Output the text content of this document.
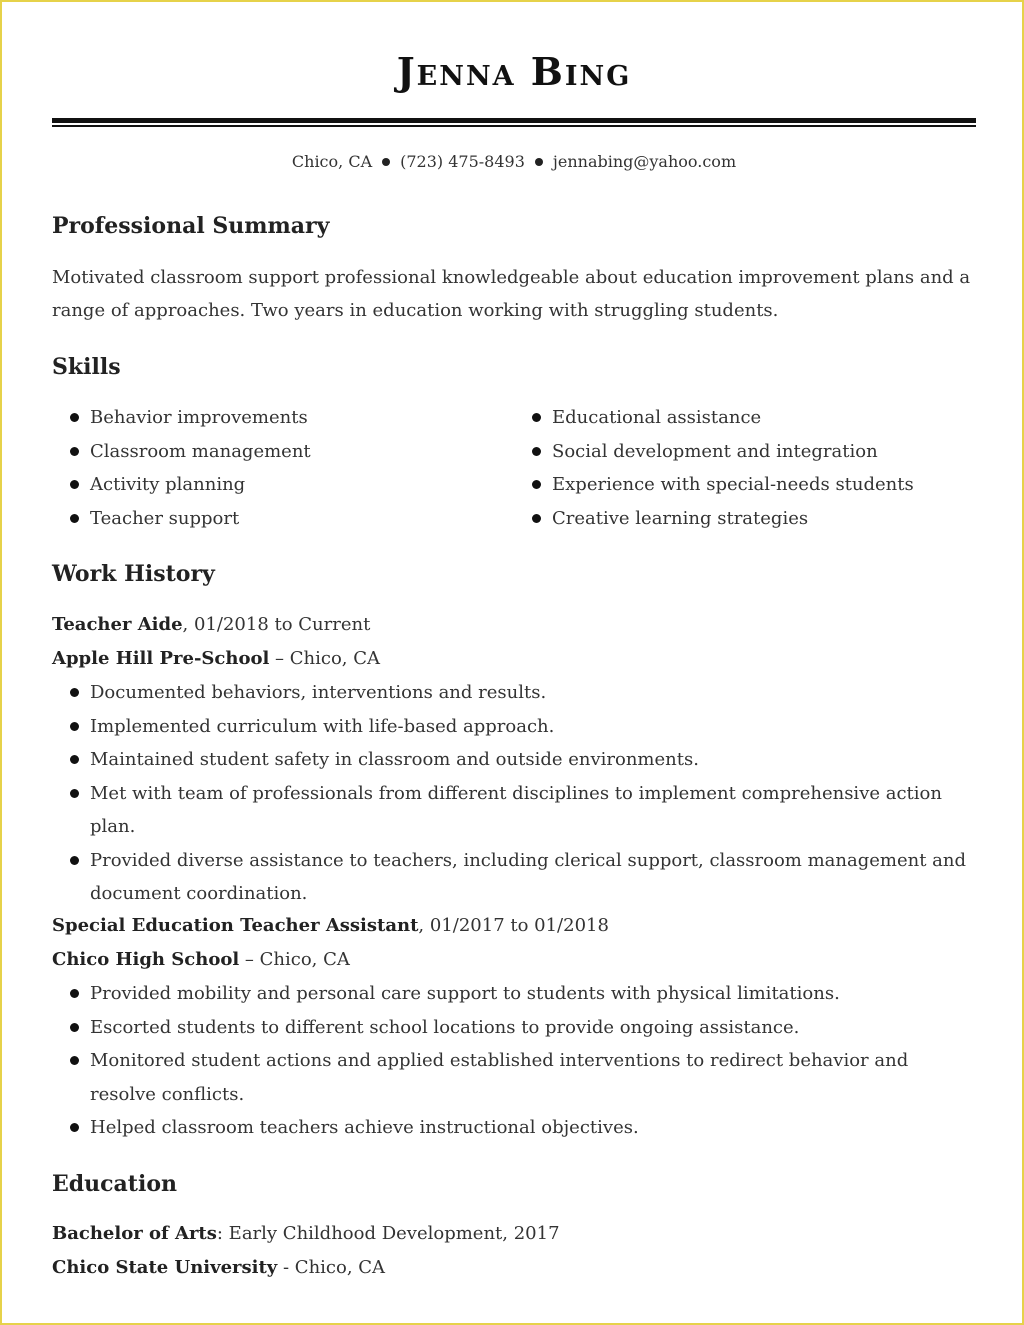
Jenna Bing
Chico, CA (723) 475-8493 jennabing@yahoo.com
Professional Summary
Motivated classroom support professional knowledgeable about education improvement plans and a range of approaches. Two years in education working with struggling students.
Skills
Behavior improvements
Classroom management
Activity planning
Teacher support
Educational assistance
Social development and integration
Experience with special-needs students
Creative learning strategies
Work History
Teacher Aide, 01/2018 to Current
Apple Hill Pre-School – Chico, CA
Documented behaviors, interventions and results.
Implemented curriculum with life-based approach.
Maintained student safety in classroom and outside environments.
Met with team of professionals from different disciplines to implement comprehensive action plan.
Provided diverse assistance to teachers, including clerical support, classroom management and document coordination.
Special Education Teacher Assistant, 01/2017 to 01/2018
Chico High School – Chico, CA
Provided mobility and personal care support to students with physical limitations.
Escorted students to different school locations to provide ongoing assistance.
Monitored student actions and applied established interventions to redirect behavior and resolve conflicts.
Helped classroom teachers achieve instructional objectives.
Education
Bachelor of Arts: Early Childhood Development, 2017
Chico State University - Chico, CA
